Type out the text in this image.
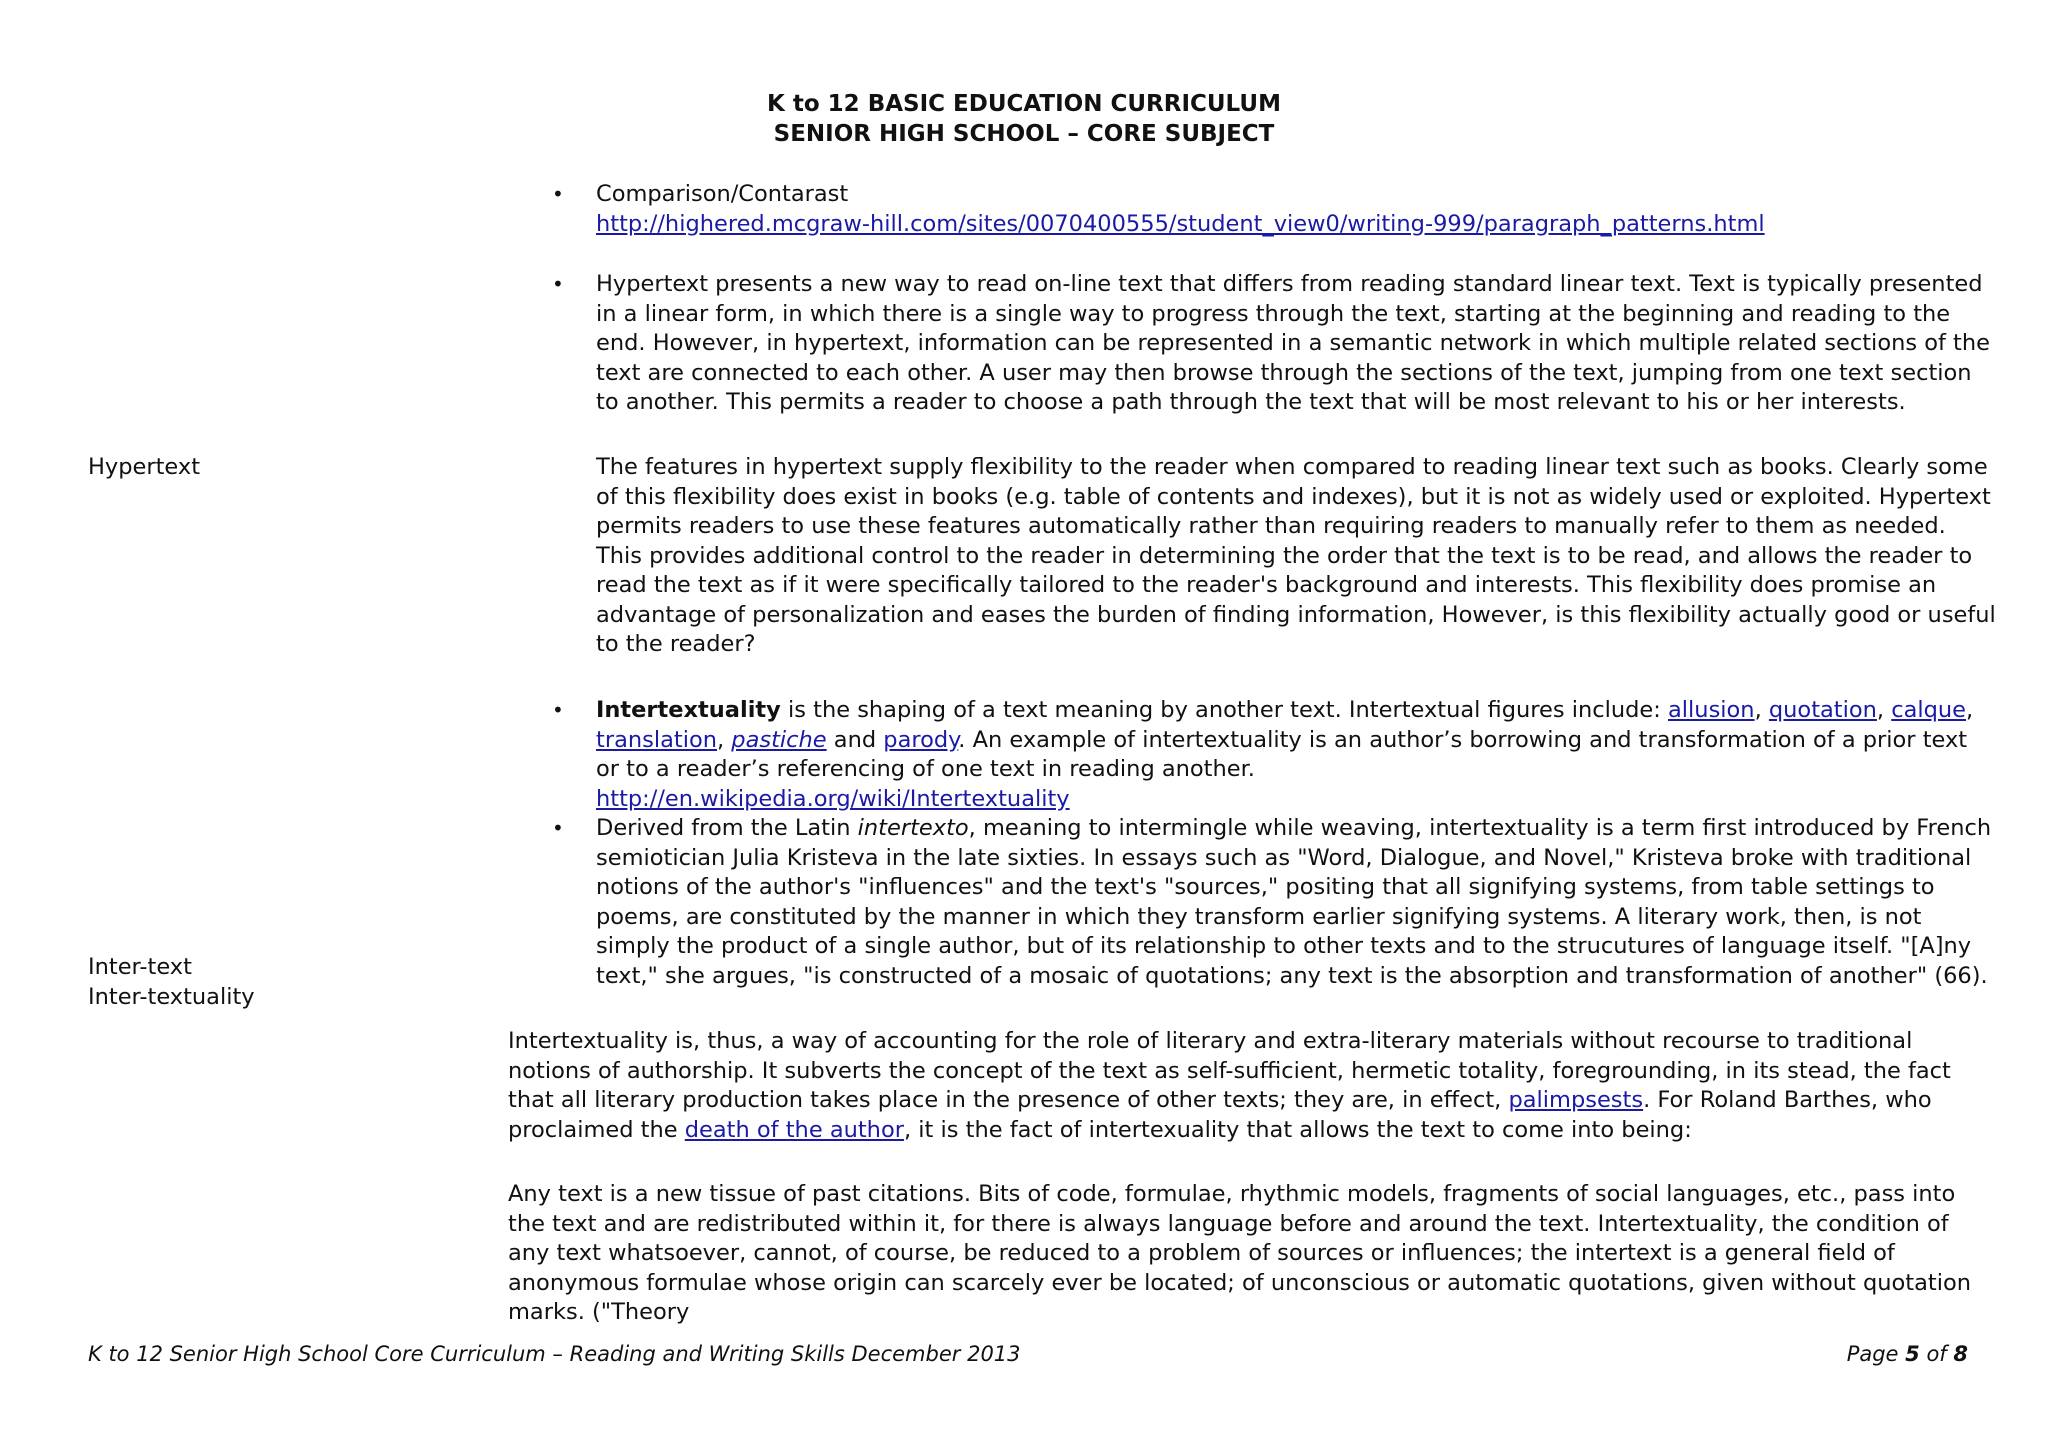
K to 12 BASIC EDUCATION CURRICULUM
SENIOR HIGH SCHOOL – CORE SUBJECT
• Comparison/Contarast
http://highered.mcgraw-hill.com/sites/0070400555/student_view0/writing-999/paragraph_patterns.html
• Hypertext presents a new way to read on-line text that differs from reading standard linear text. Text is typically presented in a linear form, in which there is a single way to progress through the text, starting at the beginning and reading to the end. However, in hypertext, information can be represented in a semantic network in which multiple related sections of the text are connected to each other. A user may then browse through the sections of the text, jumping from one text section to another. This permits a reader to choose a path through the text that will be most relevant to his or her interests.

Hypertext	The features in hypertext supply flexibility to the reader when compared to reading linear text such as books. Clearly some of this flexibility does exist in books (e.g. table of contents and indexes), but it is not as widely used or exploited. Hypertext permits readers to use these features automatically rather than requiring readers to manually refer to them as needed. This provides additional control to the reader in determining the order that the text is to be read, and allows the reader to read the text as if it were specifically tailored to the reader's background and interests. This flexibility does promise an advantage of personalization and eases the burden of finding information, However, is this flexibility actually good or useful to the reader?

• Intertextuality is the shaping of a text meaning by another text. Intertextual figures include: allusion, quotation, calque, translation, pastiche and parody. An example of intertextuality is an author’s borrowing and transformation of a prior text or to a reader’s referencing of one text in reading another.
http://en.wikipedia.org/wiki/Intertextuality

• Derived from the Latin intertexto, meaning to intermingle while weaving, intertextuality is a term first introduced by French semiotician Julia Kristeva in the late sixties. In essays such as "Word, Dialogue, and Novel," Kristeva broke with traditional notions of the author's "influences" and the text's "sources," positing that all signifying systems, from table settings to poems, are constituted by the manner in which they transform earlier signifying systems. A literary work, then, is not simply the product of a single author, but of its relationship to other texts and to the strucutures of language itself. "[A]ny text," she argues, "is constructed of a mosaic of quotations; any text is the absorption and transformation of another" (66).

Inter-text
Inter-textuality

Intertextuality is, thus, a way of accounting for the role of literary and extra-literary materials without recourse to traditional notions of authorship. It subverts the concept of the text as self-sufficient, hermetic totality, foregrounding, in its stead, the fact that all literary production takes place in the presence of other texts; they are, in effect, palimpsests. For Roland Barthes, who proclaimed the death of the author, it is the fact of intertexuality that allows the text to come into being:

Any text is a new tissue of past citations. Bits of code, formulae, rhythmic models, fragments of social languages, etc., pass into the text and are redistributed within it, for there is always language before and around the text. Intertextuality, the condition of any text whatsoever, cannot, of course, be reduced to a problem of sources or influences; the intertext is a general field of anonymous formulae whose origin can scarcely ever be located; of unconscious or automatic quotations, given without quotation marks. ("Theory

K to 12 Senior High School Core Curriculum – Reading and Writing Skills December 2013	Page 5 of 8
